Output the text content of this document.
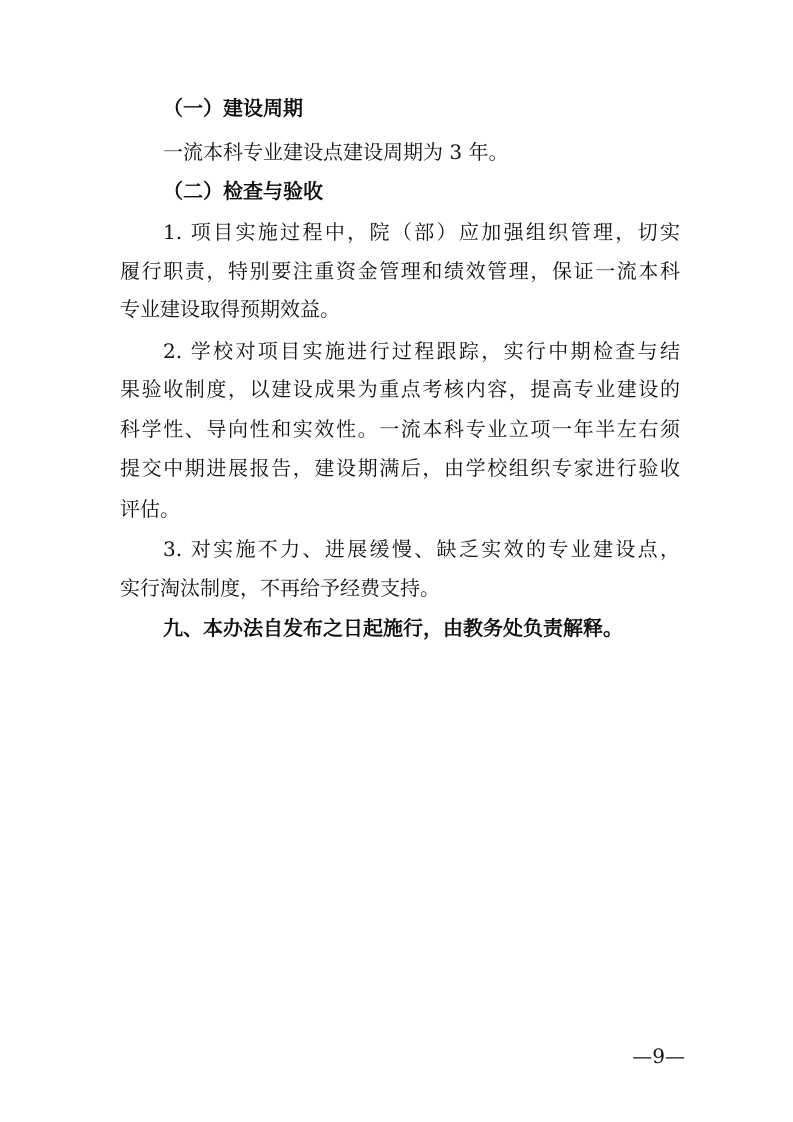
（一）建设周期
一流本科专业建设点建设周期为 3 年。
（二）检查与验收
1. 项目实施过程中，院（部）应加强组织管理，切实
履行职责，特别要注重资金管理和绩效管理，保证一流本科
专业建设取得预期效益。
2. 学校对项目实施进行过程跟踪，实行中期检查与结
果验收制度，以建设成果为重点考核内容，提高专业建设的
科学性、导向性和实效性。一流本科专业立项一年半左右须
提交中期进展报告，建设期满后，由学校组织专家进行验收
评估。
3. 对实施不力、进展缓慢、缺乏实效的专业建设点，
实行淘汰制度，不再给予经费支持。
九、本办法自发布之日起施行，由教务处负责解释。
—9—
